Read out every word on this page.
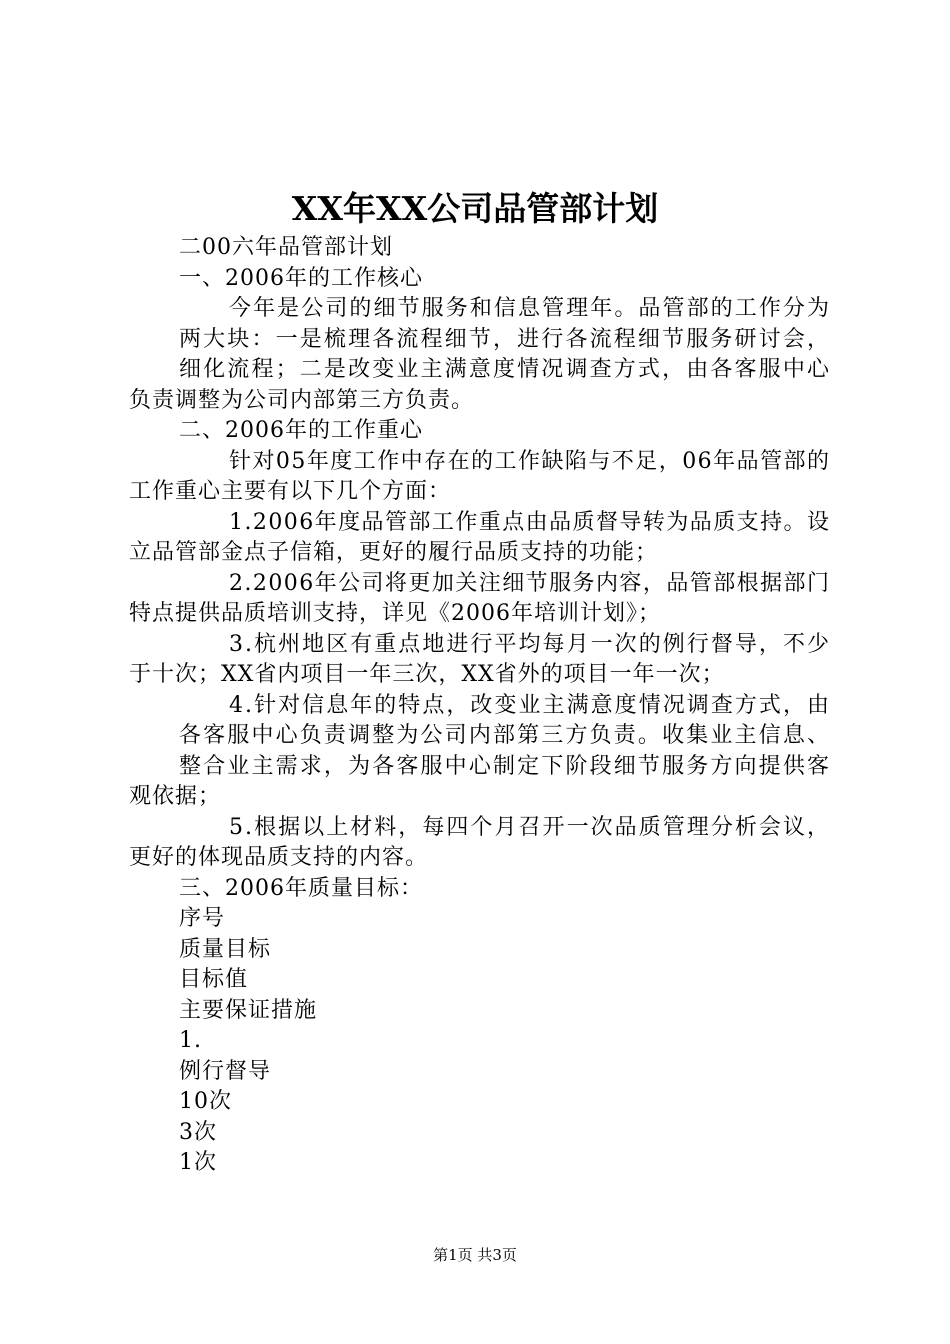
XX年XX公司品管部计划
二00六年品管部计划
一、2006年的工作核心
今年是公司的细节服务和信息管理年。品管部的工作分为
两大块：一是梳理各流程细节，进行各流程细节服务研讨会，
细化流程；二是改变业主满意度情况调查方式，由各客服中心
负责调整为公司内部第三方负责。
二、2006年的工作重心
针对05年度工作中存在的工作缺陷与不足，06年品管部的
工作重心主要有以下几个方面：
1.2006年度品管部工作重点由品质督导转为品质支持。设
立品管部金点子信箱，更好的履行品质支持的功能；
2.2006年公司将更加关注细节服务内容，品管部根据部门
特点提供品质培训支持，详见《2006年培训计划》；
3.杭州地区有重点地进行平均每月一次的例行督导，不少
于十次；XX省内项目一年三次，XX省外的项目一年一次；
4.针对信息年的特点，改变业主满意度情况调查方式，由
各客服中心负责调整为公司内部第三方负责。收集业主信息、
整合业主需求，为各客服中心制定下阶段细节服务方向提供客
观依据；
5.根据以上材料，每四个月召开一次品质管理分析会议，
更好的体现品质支持的内容。
三、2006年质量目标：
序号
质量目标
目标值
主要保证措施
1.
例行督导
10次
3次
1次
第1页 共3页
